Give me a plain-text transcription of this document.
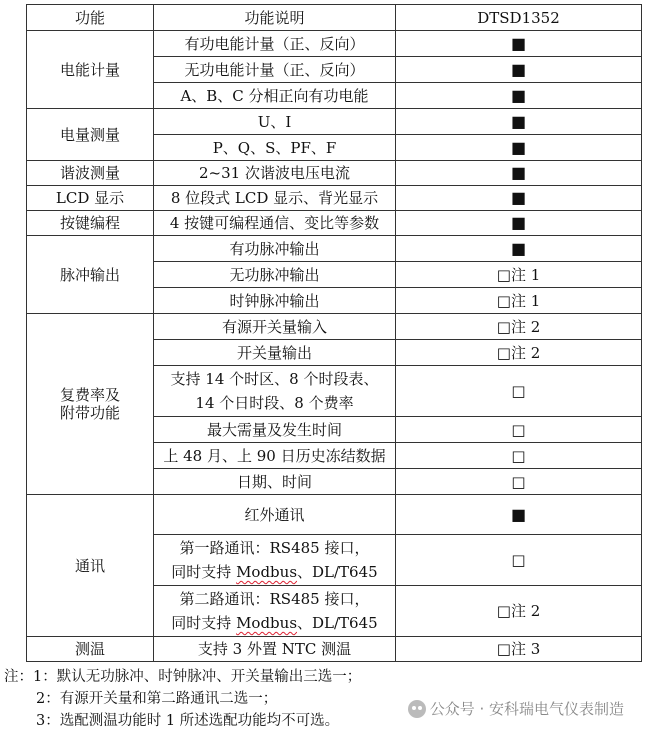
功能	功能说明	DTSD1352
电能计量	有功电能计量（正、反向）	■
	无功电能计量（正、反向）	■
	A、B、C 分相正向有功电能	■
电量测量	U、I	■
	P、Q、S、PF、F	■
谐波测量	2~31 次谐波电压电流	■
LCD 显示	8 位段式 LCD 显示、背光显示	■
按键编程	4 按键可编程通信、变比等参数	■
脉冲输出	有功脉冲输出	■
	无功脉冲输出	□注 1
	时钟脉冲输出	□注 1
复费率及
附带功能	有源开关量输入	□注 2
	开关量输出	□注 2
	支持 14 个时区、8 个时段表、
14 个日时段、8 个费率	□
	最大需量及发生时间	□
	上 48 月、上 90 日历史冻结数据	□
	日期、时间	□
通讯	红外通讯	■
	第一路通讯：RS485 接口，
同时支持 Modbus、DL/T645	□
	第二路通讯：RS485 接口，
同时支持 Modbus、DL/T645	□注 2
测温	支持 3 外置 NTC 测温	□注 3
注：1：默认无功脉冲、时钟脉冲、开关量输出三选一；
2：有源开关量和第二路通讯二选一；
3：选配测温功能时 1 所述选配功能均不可选。
公众号 · 安科瑞电气仪表制造
